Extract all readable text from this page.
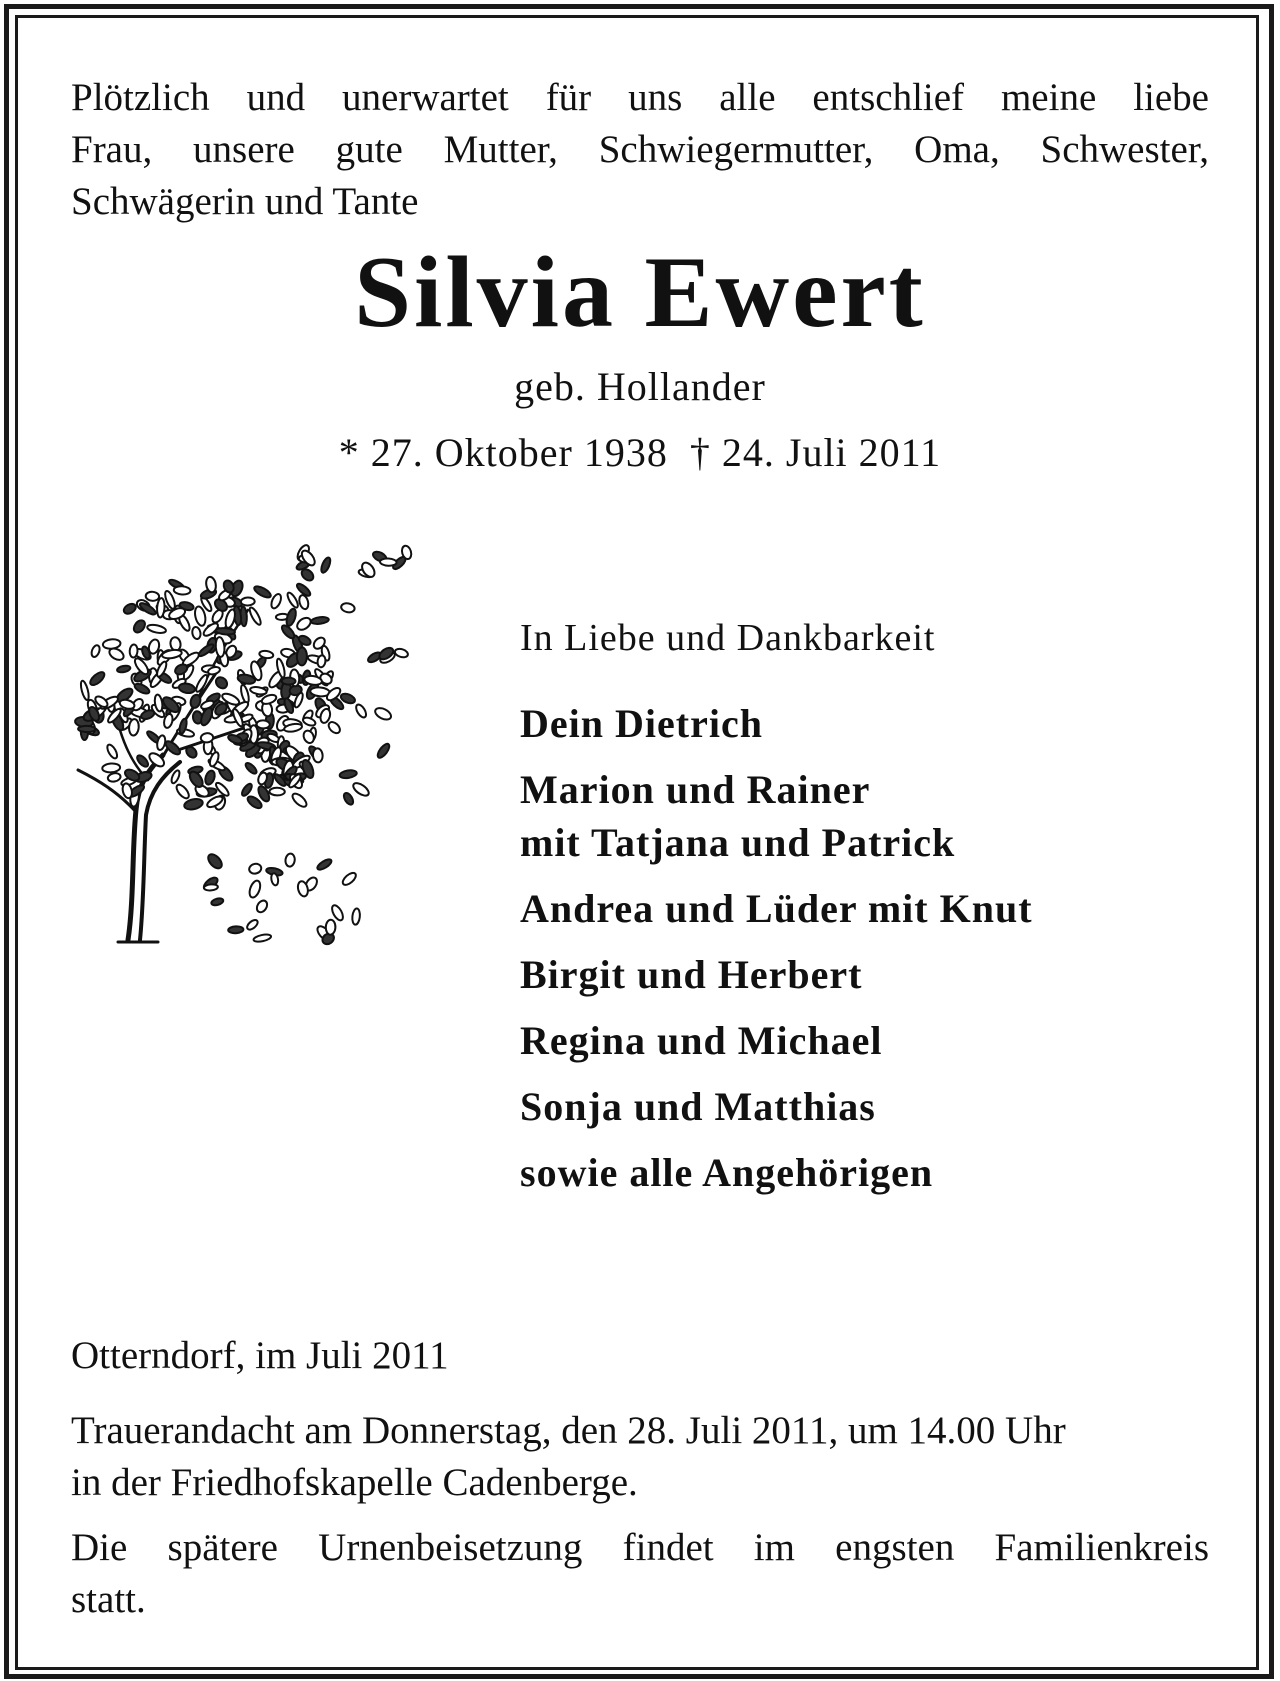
Plötzlich und unerwartet für uns alle entschlief meine liebe
Frau, unsere gute Mutter, Schwiegermutter, Oma, Schwester,
Schwägerin und Tante
Silvia Ewert
geb. Hollander
* 27. Oktober 1938  † 24. Juli 2011
In Liebe und Dankbarkeit
Dein Dietrich
Marion und Rainer
mit Tatjana und Patrick
Andrea und Lüder mit Knut
Birgit und Herbert
Regina und Michael
Sonja und Matthias
sowie alle Angehörigen
Otterndorf, im Juli 2011
Trauerandacht am Donnerstag, den 28. Juli 2011, um 14.00 Uhr
in der Friedhofskapelle Cadenberge.
Die spätere Urnenbeisetzung findet im engsten Familienkreis
statt.
